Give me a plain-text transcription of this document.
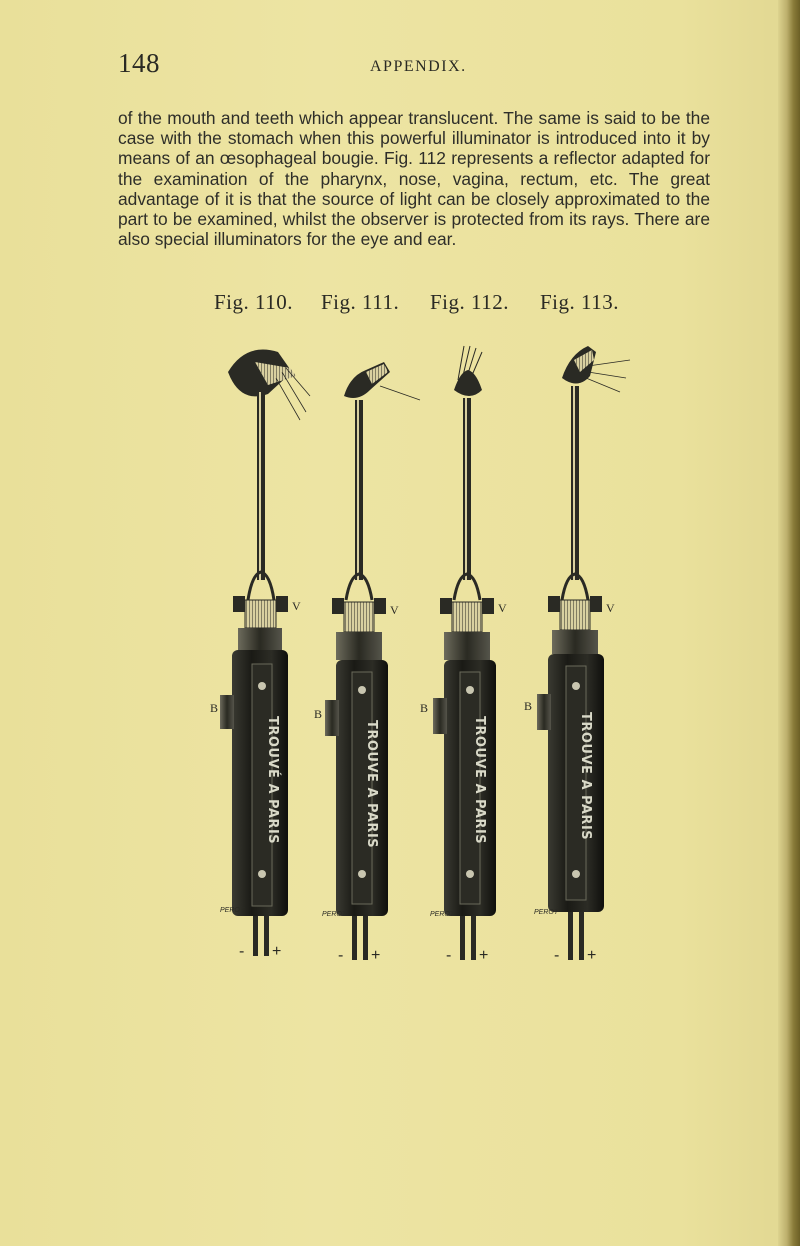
148	APPENDIX.
of the mouth and teeth which appear translucent. The same is said to be the case with the stomach when this powerful illuminator is introduced into it by means of an œsophageal bougie. Fig. 112 represents a reflector adapted for the examination of the pharynx, nose, vagina, rectum, etc. The great advantage of it is that the source of light can be closely approximated to the part to be examined, whilst the observer is protected from its rays. There are also special illuminators for the eye and ear.
Fig. 110. Fig. 111. Fig. 112. Fig. 113.
TROUVÉ A PARIS
V
B
PEROT
- +
TROUVE A PARIS
V
B
PEROT
- +
TROUVE A PARIS
V
B
PEROT
- +
TROUVE A PARIS
V
B
PEROT
- +
